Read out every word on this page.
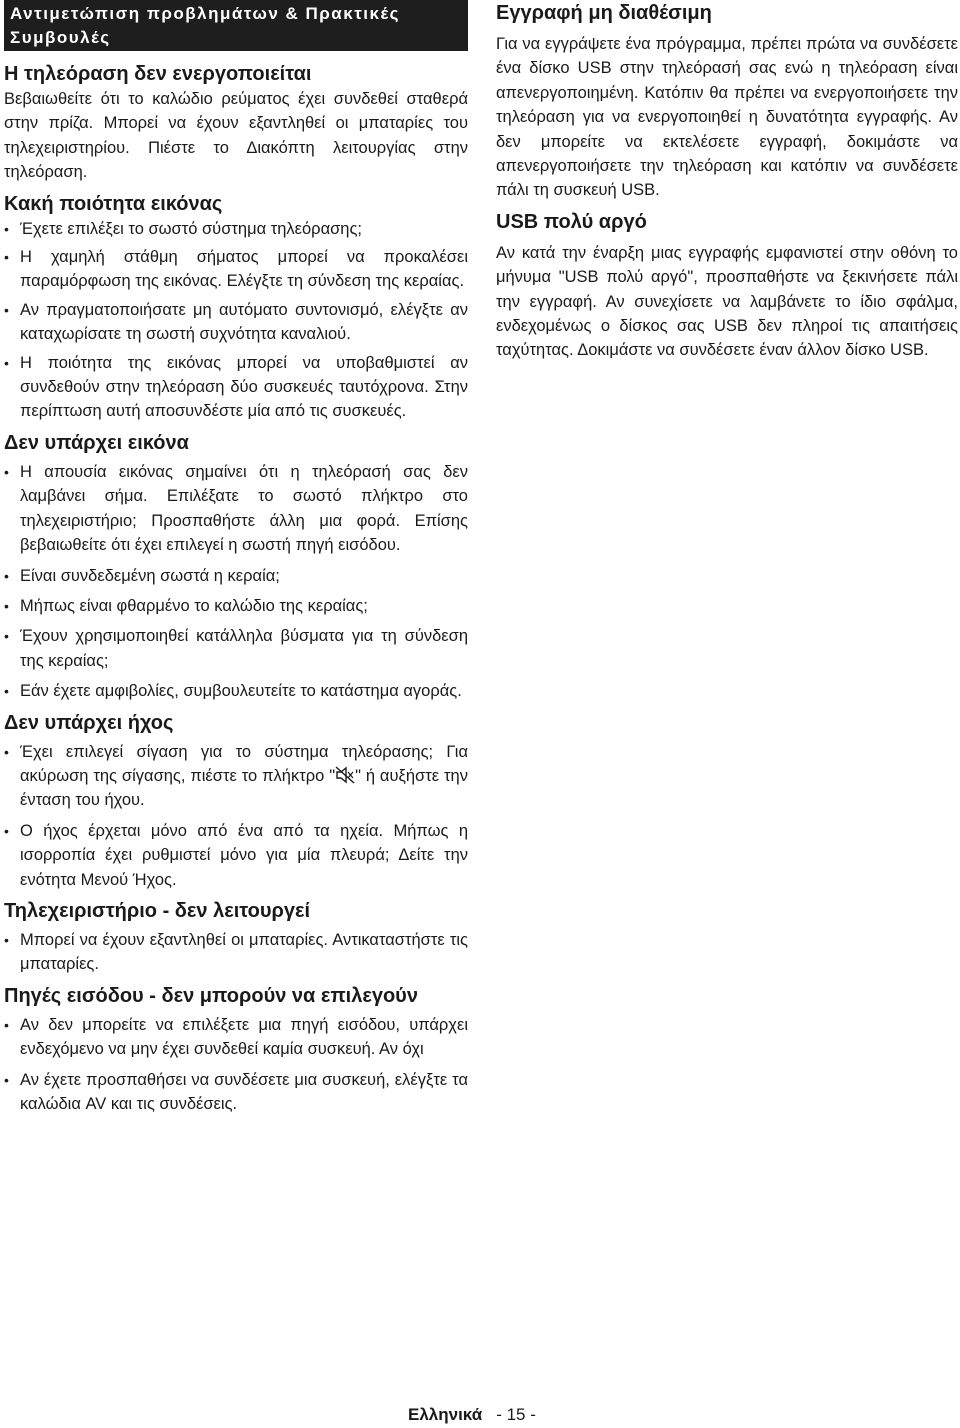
Αντιμετώπιση προβλημάτων & Πρακτικές Συμβουλές
Η τηλεόραση δεν ενεργοποιείται

Βεβαιωθείτε ότι το καλώδιο ρεύματος έχει συνδεθεί σταθερά στην πρίζα. Μπορεί να έχουν εξαντληθεί οι μπαταρίες του τηλεχειριστηρίου. Πιέστε το Διακόπτη λειτουργίας στην τηλεόραση.

Κακή ποιότητα εικόνας
• Έχετε επιλέξει το σωστό σύστημα τηλεόρασης;
• Η χαμηλή στάθμη σήματος μπορεί να προκαλέσει παραμόρφωση της εικόνας. Ελέγξτε τη σύνδεση της κεραίας.
• Αν πραγματοποιήσατε μη αυτόματο συντονισμό, ελέγξτε αν καταχωρίσατε τη σωστή συχνότητα καναλιού.
• Η ποιότητα της εικόνας μπορεί να υποβαθμιστεί αν συνδεθούν στην τηλεόραση δύο συσκευές ταυτόχρονα. Στην περίπτωση αυτή αποσυνδέστε μία από τις συσκευές.
Δεν υπάρχει εικόνα
• Η απουσία εικόνας σημαίνει ότι η τηλεόρασή σας δεν λαμβάνει σήμα. Επιλέξατε το σωστό πλήκτρο στο τηλεχειριστήριο; Προσπαθήστε άλλη μια φορά. Επίσης βεβαιωθείτε ότι έχει επιλεγεί η σωστή πηγή εισόδου.
• Είναι συνδεδεμένη σωστά η κεραία;
• Μήπως είναι φθαρμένο το καλώδιο της κεραίας;
• Έχουν χρησιμοποιηθεί κατάλληλα βύσματα για τη σύνδεση της κεραίας;
• Εάν έχετε αμφιβολίες, συμβουλευτείτε το κατάστημα αγοράς.
Δεν υπάρχει ήχος
• Έχει επιλεγεί σίγαση για το σύστημα τηλεόρασης; Για ακύρωση της σίγασης, πιέστε το πλήκτρο " " ή αυξήστε την ένταση του ήχου.
• Ο ήχος έρχεται μόνο από ένα από τα ηχεία. Μήπως η ισορροπία έχει ρυθμιστεί μόνο για μία πλευρά; Δείτε την ενότητα Μενού Ήχος.
Τηλεχειριστήριο - δεν λειτουργεί
• Μπορεί να έχουν εξαντληθεί οι μπαταρίες. Αντικαταστήστε τις μπαταρίες.
Πηγές εισόδου - δεν μπορούν να επιλεγούν
• Αν δεν μπορείτε να επιλέξετε μια πηγή εισόδου, υπάρχει ενδεχόμενο να μην έχει συνδεθεί καμία συσκευή. Αν όχι
• Αν έχετε προσπαθήσει να συνδέσετε μια συσκευή, ελέγξτε τα καλώδια AV και τις συνδέσεις.
Εγγραφή μη διαθέσιμη

Για να εγγράψετε ένα πρόγραμμα, πρέπει πρώτα να συνδέσετε ένα δίσκο USB στην τηλεόρασή σας ενώ η τηλεόραση είναι απενεργοποιημένη. Κατόπιν θα πρέπει να ενεργοποιήσετε την τηλεόραση για να ενεργοποιηθεί η δυνατότητα εγγραφής. Αν δεν μπορείτε να εκτελέσετε εγγραφή, δοκιμάστε να απενεργοποιήσετε την τηλεόραση και κατόπιν να συνδέσετε πάλι τη συσκευή USB.

USB πολύ αργό

Αν κατά την έναρξη μιας εγγραφής εμφανιστεί στην οθόνη το μήνυμα "USB πολύ αργό", προσπαθήστε να ξεκινήσετε πάλι την εγγραφή. Αν συνεχίσετε να λαμβάνετε το ίδιο σφάλμα, ενδεχομένως ο δίσκος σας USB δεν πληροί τις απαιτήσεις ταχύτητας. Δοκιμάστε να συνδέσετε έναν άλλον δίσκο USB.

Ελληνικά - 15 -
